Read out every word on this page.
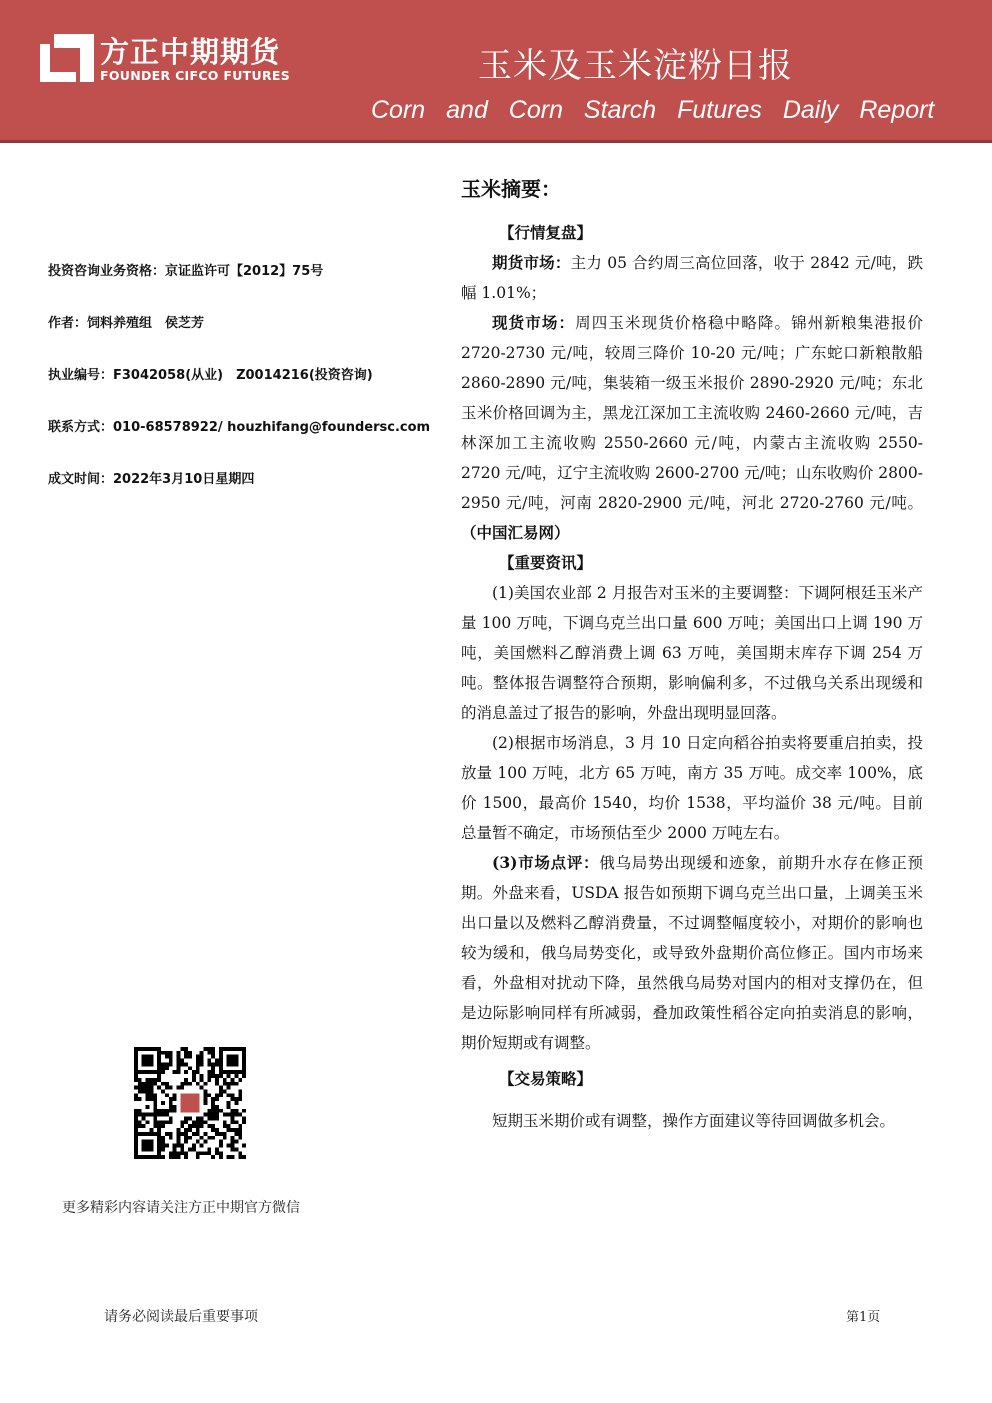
方正中期期货
FOUNDER CIFCO FUTURES	玉米及玉米淀粉日报
Corn and Corn Starch Futures Daily Report
投资咨询业务资格：京证监许可【2012】75号
作者：饲料养殖组　侯芝芳
执业编号：F3042058(从业)　Z0014216(投资咨询)
联系方式：010-68578922/ houzhifang@foundersc.com
成文时间：2022年3月10日星期四
更多精彩内容请关注方正中期官方微信
玉米摘要：
【行情复盘】
期货市场：主力 05 合约周三高位回落，收于 2842 元/吨，跌幅 1.01%；
现货市场：周四玉米现货价格稳中略降。锦州新粮集港报价 2720-2730 元/吨，较周三降价 10-20 元/吨；广东蛇口新粮散船 2860-2890 元/吨，集装箱一级玉米报价 2890-2920 元/吨；东北玉米价格回调为主，黑龙江深加工主流收购 2460-2660 元/吨，吉林深加工主流收购 2550-2660 元/吨，内蒙古主流收购 2550-2720 元/吨，辽宁主流收购 2600-2700 元/吨；山东收购价 2800-2950 元/吨，河南 2820-2900 元/吨，河北 2720-2760 元/吨。（中国汇易网）
【重要资讯】
(1)美国农业部 2 月报告对玉米的主要调整：下调阿根廷玉米产量 100 万吨，下调乌克兰出口量 600 万吨；美国出口上调 190 万吨，美国燃料乙醇消费上调 63 万吨，美国期末库存下调 254 万吨。整体报告调整符合预期，影响偏利多，不过俄乌关系出现缓和的消息盖过了报告的影响，外盘出现明显回落。
(2)根据市场消息，3 月 10 日定向稻谷拍卖将要重启拍卖，投放量 100 万吨，北方 65 万吨，南方 35 万吨。成交率 100%，底价 1500，最高价 1540，均价 1538，平均溢价 38 元/吨。目前总量暂不确定，市场预估至少 2000 万吨左右。
(3)市场点评：俄乌局势出现缓和迹象，前期升水存在修正预期。外盘来看，USDA 报告如预期下调乌克兰出口量，上调美玉米出口量以及燃料乙醇消费量，不过调整幅度较小，对期价的影响也较为缓和，俄乌局势变化，或导致外盘期价高位修正。国内市场来看，外盘相对扰动下降，虽然俄乌局势对国内的相对支撑仍在，但是边际影响同样有所减弱，叠加政策性稻谷定向拍卖消息的影响，期价短期或有调整。
【交易策略】
短期玉米期价或有调整，操作方面建议等待回调做多机会。
请务必阅读最后重要事项	第1页
